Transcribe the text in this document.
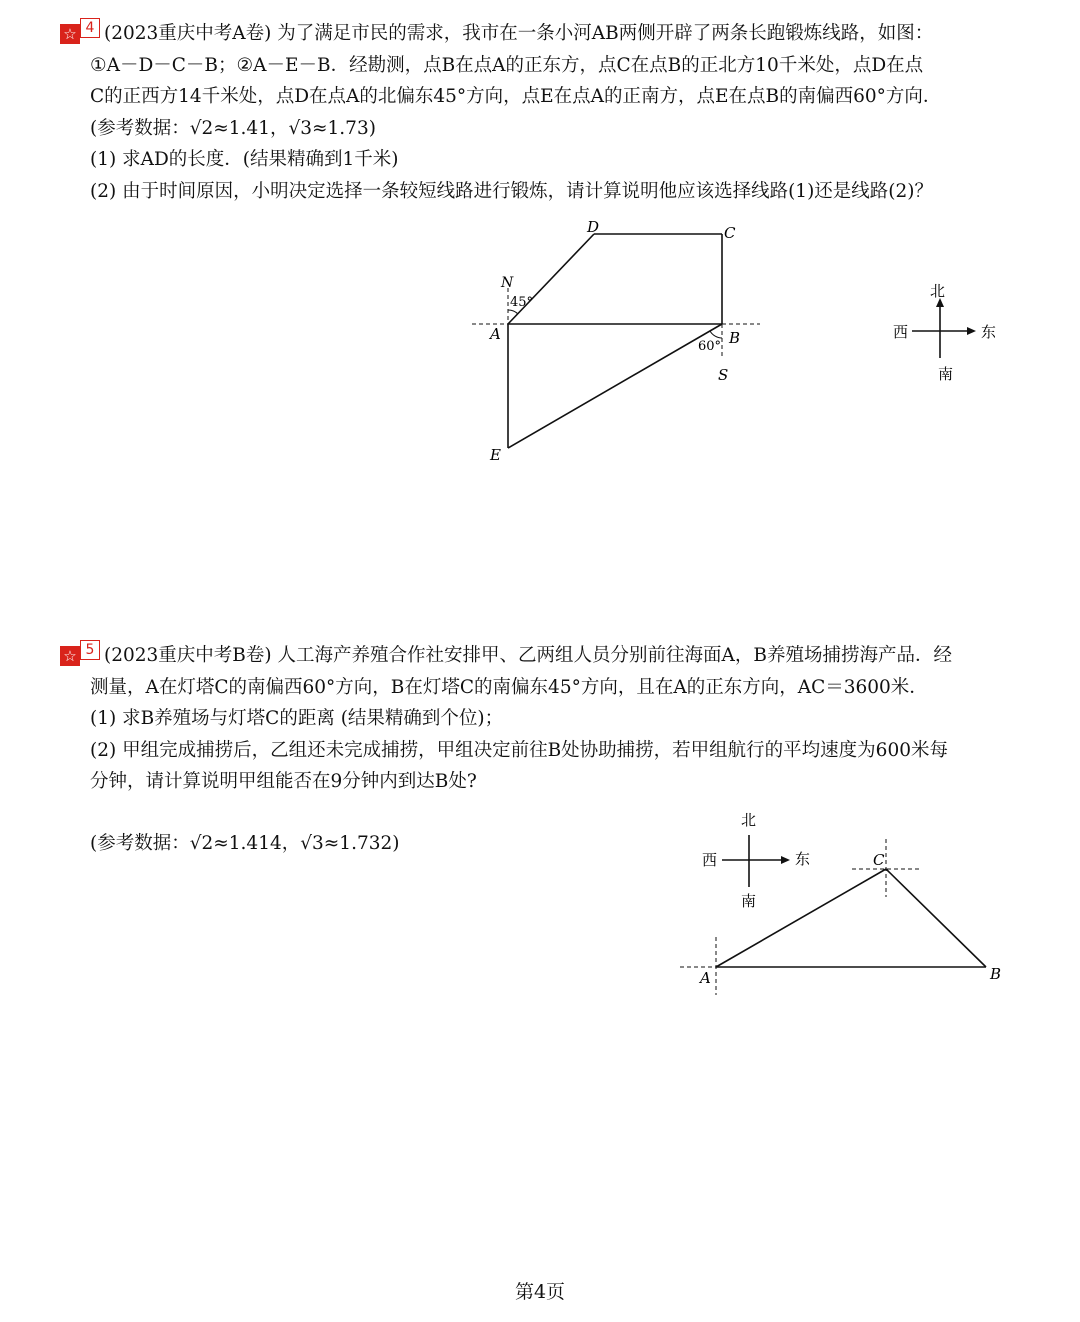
☆ 4 (2023重庆中考A卷) 为了满足市民的需求，我市在一条小河AB两侧开辟了两条长跑锻炼线路，如图：
①A－D－C－B；②A－E－B．经勘测，点B在点A的正东方，点C在点B的正北方10千米处，点D在点
C的正西方14千米处，点D在点A的北偏东45°方向，点E在点A的正南方，点E在点B的南偏西60°方向．
(参考数据：√2≈1.41，√3≈1.73)
(1) 求AD的长度．(结果精确到1千米)
(2) 由于时间原因，小明决定选择一条较短线路进行锻炼，请计算说明他应该选择线路(1)还是线路(2)？
D	C
N
45°
A
60° B
S
E
北
南
西	东
☆ 5 (2023重庆中考B卷) 人工海产养殖合作社安排甲、乙两组人员分别前往海面A，B养殖场捕捞海产品．经
测量，A在灯塔C的南偏西60°方向，B在灯塔C的南偏东45°方向，且在A的正东方向，AC＝3600米．
(1) 求B养殖场与灯塔C的距离 (结果精确到个位)；
(2) 甲组完成捕捞后，乙组还未完成捕捞，甲组决定前往B处协助捕捞，若甲组航行的平均速度为600米每
分钟，请计算说明甲组能否在9分钟内到达B处?
(参考数据：√2≈1.414，√3≈1.732)
北
南
西	东
A	B
C
第4页
